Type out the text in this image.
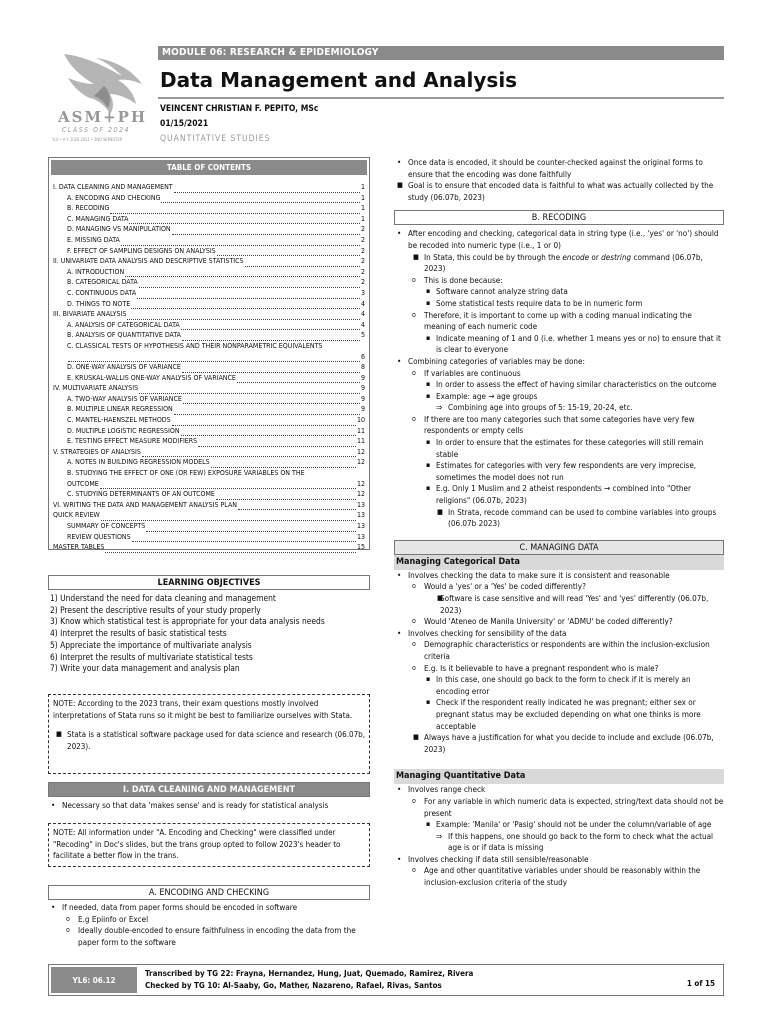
ASM+PH
CLASS OF 2024
YL6 • A.Y. 2020-2021 • 2ND SEMESTER
MODULE 06: RESEARCH & EPIDEMIOLOGY
Data Management and Analysis
VEINCENT CHRISTIAN F. PEPITO, MSc
01/15/2021
QUANTITATIVE STUDIES
TABLE OF CONTENTS
I. DATA CLEANING AND MANAGEMENT	1
A. ENCODING AND CHECKING	1
B. RECODING	1
C. MANAGING DATA	1
D. MANAGING VS MANIPULATION	2
E. MISSING DATA	2
F. EFFECT OF SAMPLING DESIGNS ON ANALYSIS	2
II. UNIVARIATE DATA ANALYSIS AND DESCRIPTIVE STATISTICS	2
A. INTRODUCTION	2
B. CATEGORICAL DATA	2
C. CONTINUOUS DATA	3
D. THINGS TO NOTE	4
III. BIVARIATE ANALYSIS	4
A. ANALYSIS OF CATEGORICAL DATA	4
B. ANALYSIS OF QUANTITATIVE DATA	5
C. CLASSICAL TESTS OF HYPOTHESIS AND THEIR NONPARAMETRIC EQUIVALENTS
6
D. ONE-WAY ANALYSIS OF VARIANCE	8
E. KRUSKAL-WALLIS ONE-WAY ANALYSIS OF VARIANCE	9
IV. MULTIVARIATE ANALYSIS	9
A. TWO-WAY ANALYSIS OF VARIANCE	9
B. MULTIPLE LINEAR REGRESSION	9
C. MANTEL-HAENSZEL METHODS	10
D. MULTIPLE LOGISTIC REGRESSION	11
E. TESTING EFFECT MEASURE MODIFIERS	11
V. STRATEGIES OF ANALYSIS	12
A. NOTES IN BUILDING REGRESSION MODELS	12
B. STUDYING THE EFFECT OF ONE (OR FEW) EXPOSURE VARIABLES ON THE
OUTCOME	12
C. STUDYING DETERMINANTS OF AN OUTCOME	12
VI. WRITING THE DATA AND MANAGEMENT ANALYSIS PLAN	13
QUICK REVIEW	13
SUMMARY OF CONCEPTS	13
REVIEW QUESTIONS	13
MASTER TABLES	15
LEARNING OBJECTIVES
1) Understand the need for data cleaning and management
2) Present the descriptive results of your study properly
3) Know which statistical test is appropriate for your data analysis needs
4) Interpret the results of basic statistical tests
5) Appreciate the importance of multivariate analysis
6) Interpret the results of multivariate statistical tests
7) Write your data management and analysis plan
NOTE: According to the 2023 trans, their exam questions mostly involved interpretations of Stata runs so it might be best to familiarize ourselves with Stata.
■ Stata is a statistical software package used for data science and research (06.07b, 2023).
I. DATA CLEANING AND MANAGEMENT
• Necessary so that data 'makes sense' and is ready for statistical analysis
NOTE: All information under "A. Encoding and Checking" were classified under "Recoding" in Doc's slides, but the trans group opted to follow 2023's header to facilitate a better flow in the trans.
A. ENCODING AND CHECKING
• If needed, data from paper forms should be encoded in software
o E.g Epiinfo or Excel
o Ideally double-encoded to ensure faithfulness in encoding the data from the paper form to the software
• Once data is encoded, it should be counter-checked against the original forms to ensure that the encoding was done faithfully
■ Goal is to ensure that encoded data is faithful to what was actually collected by the study (06.07b, 2023)
B. RECODING
• After encoding and checking, categorical data in string type (i.e., 'yes' or 'no') should be recoded into numeric type (i.e., 1 or 0)
■ In Stata, this could be by through the encode or destring command (06.07b, 2023)
o This is done because:
▪ Software cannot analyze string data
▪ Some statistical tests require data to be in numeric form
o Therefore, it is important to come up with a coding manual indicating the meaning of each numeric code
▪ Indicate meaning of 1 and 0 (i.e. whether 1 means yes or no) to ensure that it is clear to everyone
• Combining categories of variables may be done:
o If variables are continuous
▪ In order to assess the effect of having similar characteristics on the outcome
▪ Example: age → age groups
⇒ Combining age into groups of 5: 15-19, 20-24, etc.
o If there are too many categories such that some categories have very few respondents or empty cells
▪ In order to ensure that the estimates for these categories will still remain stable
▪ Estimates for categories with very few respondents are very imprecise, sometimes the model does not run
▪ E.g. Only 1 Muslim and 2 atheist respondents → combined into "Other religions" (06.07b, 2023)
■ In Strata, recode command can be used to combine variables into groups (06.07b 2023)
C. MANAGING DATA
Managing Categorical Data
• Involves checking the data to make sure it is consistent and reasonable
o Would a 'yes' or a 'Yes' be coded differently?
■ Software is case sensitive and will read 'Yes' and 'yes' differently (06.07b, 2023)
o Would 'Ateneo de Manila University' or 'ADMU' be coded differently?
• Involves checking for sensibility of the data
o Demographic characteristics or respondents are within the inclusion-exclusion criteria
o E.g. Is it believable to have a pregnant respondent who is male?
▪ In this case, one should go back to the form to check if it is merely an encoding error
▪ Check if the respondent really indicated he was pregnant; either sex or pregnant status may be excluded depending on what one thinks is more acceptable
■ Always have a justification for what you decide to include and exclude (06.07b, 2023)
Managing Quantitative Data
• Involves range check
o For any variable in which numeric data is expected, string/text data should not be present
▪ Example: 'Manila' or 'Pasig' should not be under the column/variable of age
⇒ If this happens, one should go back to the form to check what the actual age is or if data is missing
• Involves checking if data still sensible/reasonable
o Age and other quantitative variables under should be reasonably within the inclusion-exclusion criteria of the study
YL6: 06.12
Transcribed by TG 22: Frayna, Hernandez, Hung, Juat, Quemado, Ramirez, Rivera
Checked by TG 10: Al-Saaby, Go, Mather, Nazareno, Rafael, Rivas, Santos	1 of 15
